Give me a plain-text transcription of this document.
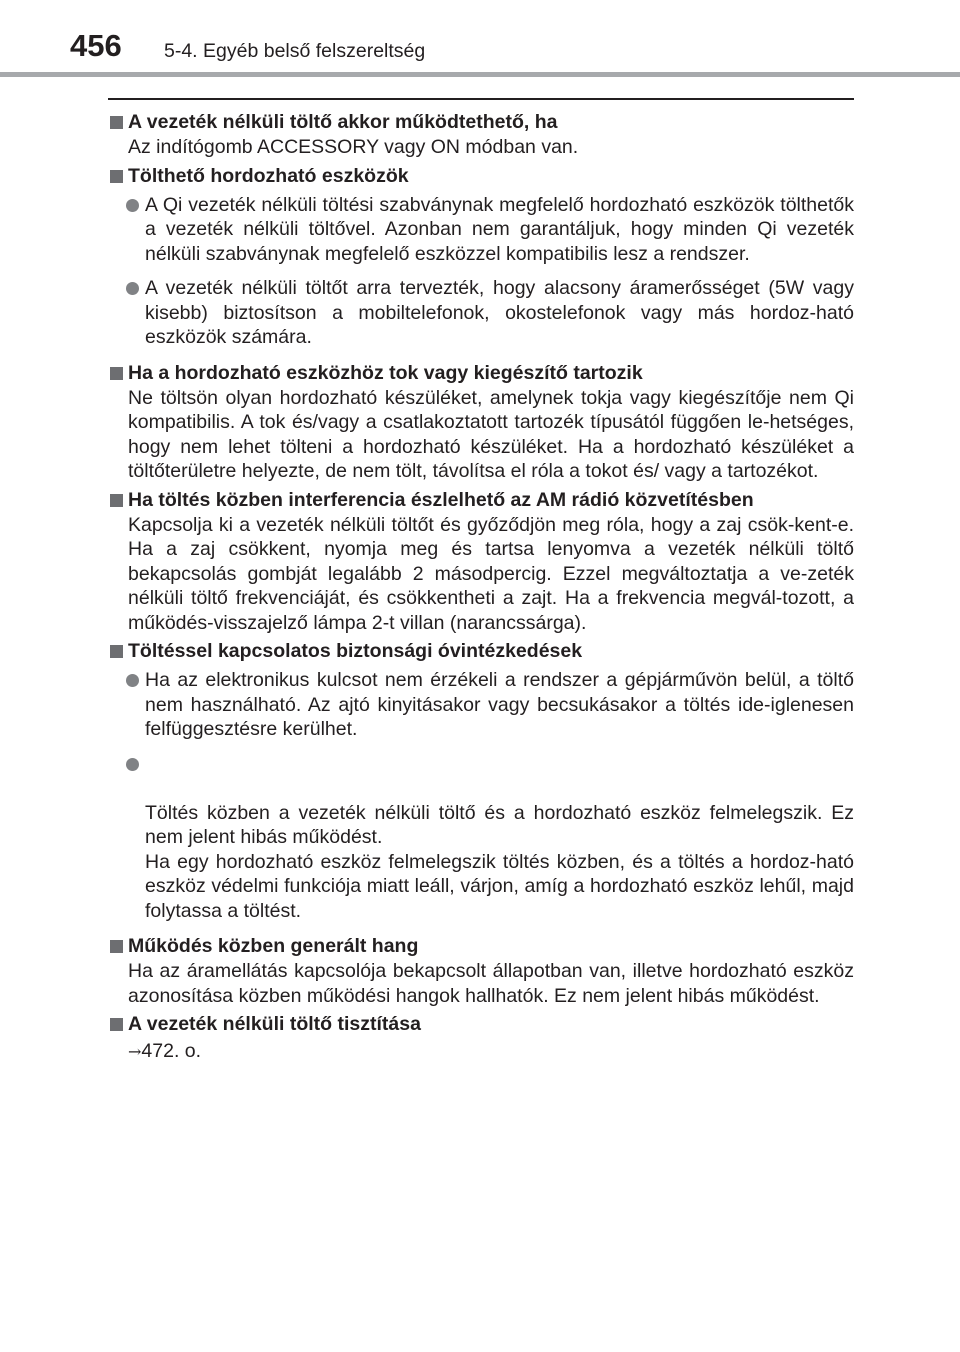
456 5-4. Egyéb belső felszereltség
A vezeték nélküli töltő akkor működtethető, ha
Az indítógomb ACCESSORY vagy ON módban van.
Tölthető hordozható eszközök
A Qi vezeték nélküli töltési szabványnak megfelelő hordozható eszközök tölthetők a vezeték nélküli töltővel. Azonban nem garantáljuk, hogy minden Qi vezeték nélküli szabványnak megfelelő eszközzel kompatibilis lesz a rendszer.
A vezeték nélküli töltőt arra tervezték, hogy alacsony áramerősséget (5W vagy kisebb) biztosítson a mobiltelefonok, okostelefonok vagy más hordoz-ható eszközök számára.
Ha a hordozható eszközhöz tok vagy kiegészítő tartozik
Ne töltsön olyan hordozható készüléket, amelynek tokja vagy kiegészítője nem Qi kompatibilis. A tok és/vagy a csatlakoztatott tartozék típusától függően le-hetséges, hogy nem lehet tölteni a hordozható készüléket. Ha a hordozható készüléket a töltőterületre helyezte, de nem tölt, távolítsa el róla a tokot és/ vagy a tartozékot.
Ha töltés közben interferencia észlelhető az AM rádió közvetítésben
Kapcsolja ki a vezeték nélküli töltőt és győződjön meg róla, hogy a zaj csök-kent-e. Ha a zaj csökkent, nyomja meg és tartsa lenyomva a vezeték nélküli töltő bekapcsolás gombját legalább 2 másodpercig. Ezzel megváltoztatja a ve-zeték nélküli töltő frekvenciáját, és csökkentheti a zajt. Ha a frekvencia megvál-tozott, a működés-visszajelző lámpa 2-t villan (narancssárga).
Töltéssel kapcsolatos biztonsági óvintézkedések
Ha az elektronikus kulcsot nem érzékeli a rendszer a gépjárművön belül, a töltő nem használható. Az ajtó kinyitásakor vagy becsukásakor a töltés ide-iglenesen felfüggesztésre kerülhet.

Töltés közben a vezeték nélküli töltő és a hordozható eszköz felmelegszik. Ez nem jelent hibás működést.
Ha egy hordozható eszköz felmelegszik töltés közben, és a töltés a hordoz-ható eszköz védelmi funkciója miatt leáll, várjon, amíg a hordozható eszköz lehűl, majd folytassa a töltést.

Működés közben generált hang
Ha az áramellátás kapcsolója bekapcsolt állapotban van, illetve hordozható eszköz azonosítása közben működési hangok hallhatók. Ez nem jelent hibás működést.
A vezeték nélküli töltő tisztítása
→472. o.
